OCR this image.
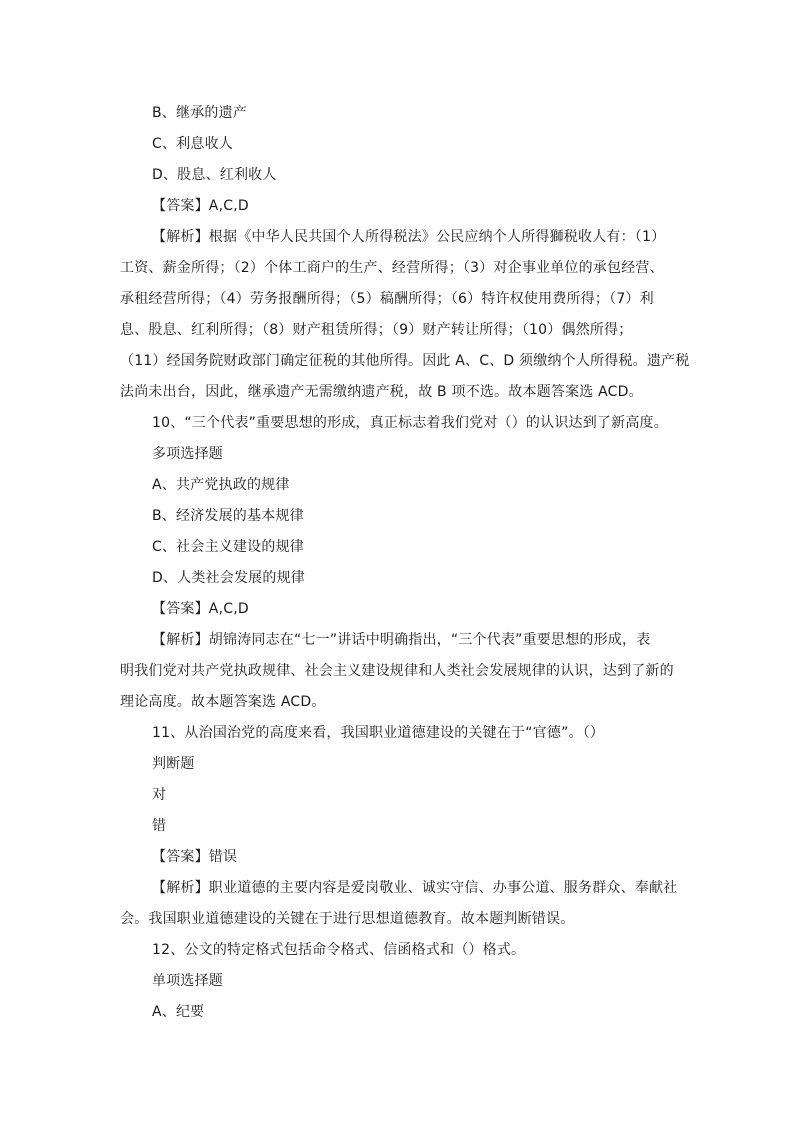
B、继承的遗产
C、利息收人
D、股息、红利收人
【答案】A,C,D
【解析】根据《中华人民共国个人所得税法》公民应纳个人所得獅税收人有：（1）
工资、薪金所得；（2）个体工商户的生产、经营所得；（3）对企事业单位的承包经营、
承租经营所得；（4）劳务报酬所得；（5）稿酬所得；（6）特许权使用费所得；（7）利
息、股息、红利所得；（8）财产租赁所得；（9）财产转让所得；（10）偶然所得；
（11）经国务院财政部门确定征税的其他所得。因此 A、C、D 须缴纳个人所得税。遗产税
法尚未出台，因此，继承遗产无需缴纳遗产税，故 B 项不选。故本题答案选 ACD。
10、“三个代表”重要思想的形成，真正标志着我们党对（）的认识达到了新高度。
多项选择题
A、共产党执政的规律
B、经济发展的基本规律
C、社会主义建设的规律
D、人类社会发展的规律
【答案】A,C,D
【解析】胡锦涛同志在“七一”讲话中明确指出，“三个代表”重要思想的形成，表
明我们党对共产党执政规律、社会主义建设规律和人类社会发展规律的认识，达到了新的
理论高度。故本题答案选 ACD。
11、从治国治党的高度来看，我国职业道德建设的关键在于“官德”。（）
判断题
对
错
【答案】错误
【解析】职业道德的主要内容是爱岗敬业、诚实守信、办事公道、服务群众、奉献社
会。我国职业道德建设的关键在于进行思想道德教育。故本题判断错误。
12、公文的特定格式包括命令格式、信函格式和（）格式。
单项选择题
A、纪要
